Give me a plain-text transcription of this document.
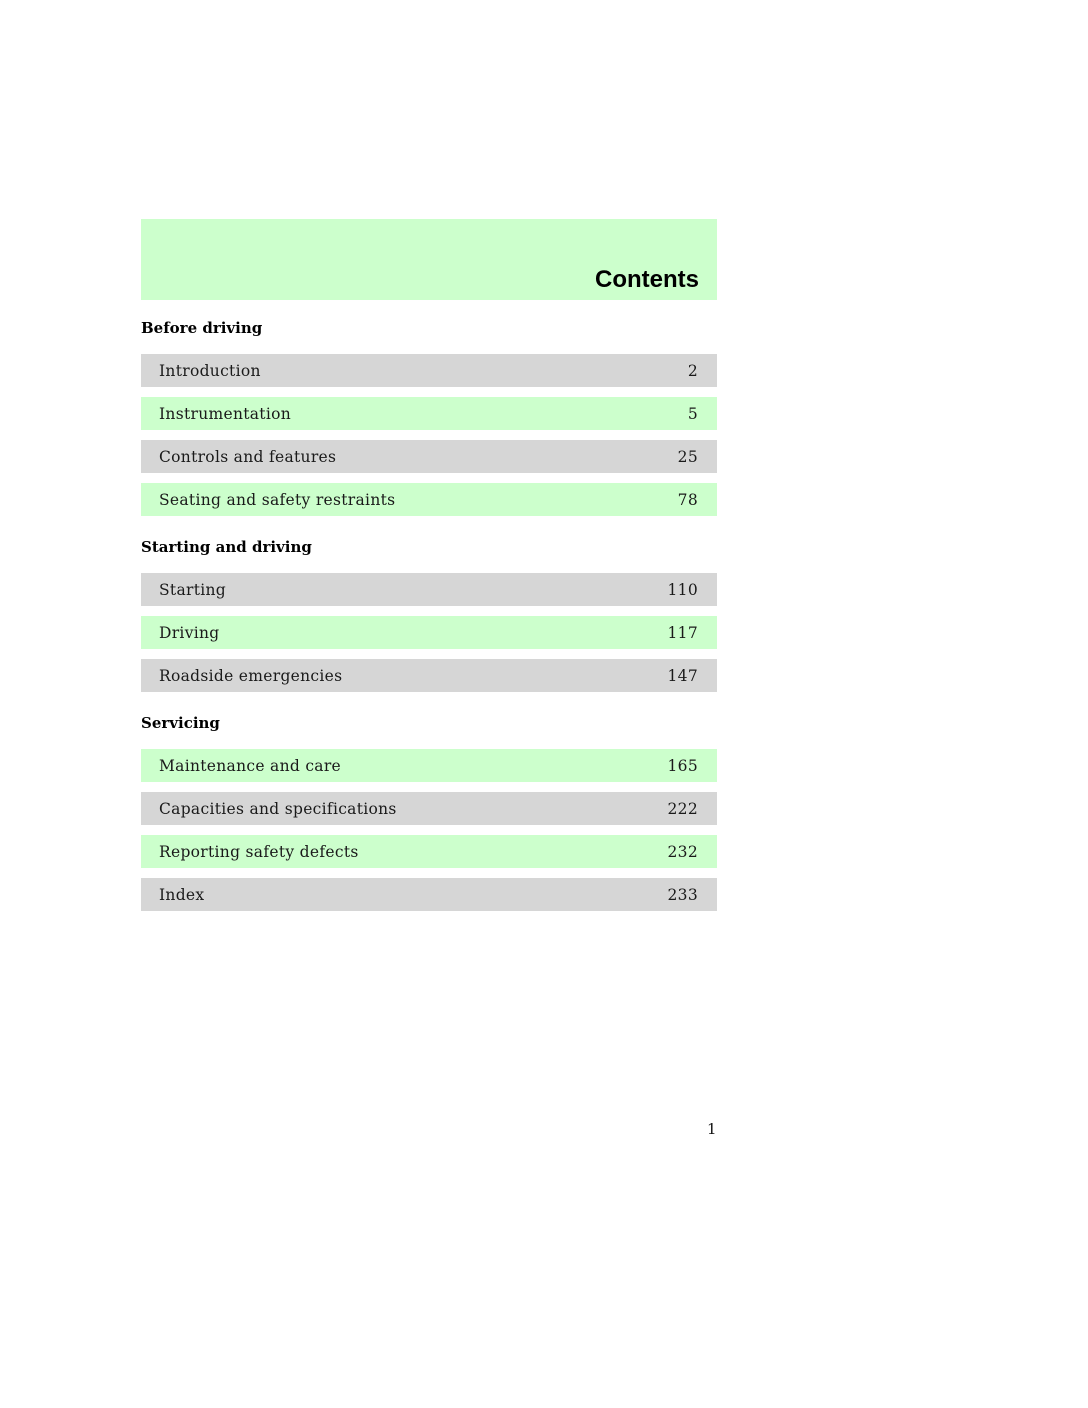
Contents
Before driving
Introduction	2
Instrumentation	5
Controls and features	25
Seating and safety restraints	78
Starting and driving
Starting	110
Driving	117
Roadside emergencies	147
Servicing
Maintenance and care	165
Capacities and specifications	222
Reporting safety defects	232
Index	233
1
